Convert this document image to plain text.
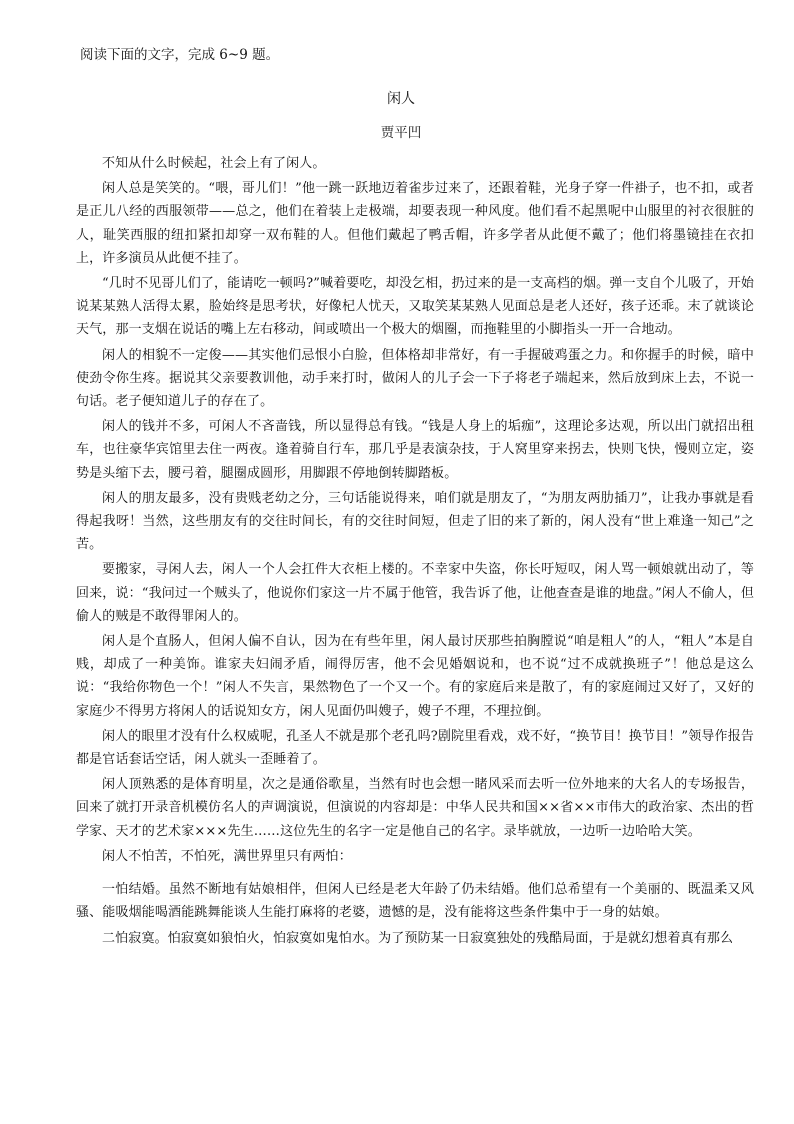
阅读下面的文字，完成 6~9 题。

闲人

贾平凹

不知从什么时候起，社会上有了闲人。

闲人总是笑笑的。“喂，哥儿们！”他一跳一跃地迈着雀步过来了，还跟着鞋，光身子穿一件褂子，也不扣，或者是正儿八经的西服领带——总之，他们在着装上走极端，却要表现一种风度。他们看不起黑呢中山服里的衬衣很脏的人，耻笑西服的纽扣紧扣却穿一双布鞋的人。但他们戴起了鸭舌帽，许多学者从此便不戴了；他们将墨镜挂在衣扣上，许多演员从此便不挂了。

“几时不见哥儿们了，能请吃一顿吗?”喊着要吃，却没乞相，扔过来的是一支高档的烟。弹一支自个儿吸了，开始说某某熟人活得太累，脸始终是思考状，好像杞人忧天，又取笑某某熟人见面总是老人还好，孩子还乖。末了就谈论天气，那一支烟在说话的嘴上左右移动，间或喷出一个极大的烟圈，而拖鞋里的小脚指头一开一合地动。

闲人的相貌不一定俊——其实他们忌恨小白脸，但体格却非常好，有一手握破鸡蛋之力。和你握手的时候，暗中使劲令你生疼。据说其父亲要教训他，动手来打时，做闲人的儿子会一下子将老子端起来，然后放到床上去，不说一句话。老子便知道儿子的存在了。

闲人的钱并不多，可闲人不吝啬钱，所以显得总有钱。“钱是人身上的垢痂”，这理论多达观，所以出门就招出租车，也往豪华宾馆里去住一两夜。逢着骑自行车，那几乎是表演杂技，于人窝里穿来拐去，快则飞快，慢则立定，姿势是头缩下去，腰弓着，腿圈成圆形，用脚跟不停地倒转脚踏板。

闲人的朋友最多，没有贵贱老幼之分，三句话能说得来，咱们就是朋友了，“为朋友两肋插刀”，让我办事就是看得起我呀！当然，这些朋友有的交往时间长，有的交往时间短，但走了旧的来了新的，闲人没有“世上难逢一知己”之苦。

要搬家，寻闲人去，闲人一个人会扛件大衣柜上楼的。不幸家中失盗，你长吁短叹，闲人骂一顿娘就出动了，等回来，说：“我问过一个贼头了，他说你们家这一片不属于他管，我告诉了他，让他查查是谁的地盘。”闲人不偷人，但偷人的贼是不敢得罪闲人的。

闲人是个直肠人，但闲人偏不自认，因为在有些年里，闲人最讨厌那些拍胸膛说“咱是粗人”的人，“粗人”本是自贱，却成了一种美饰。谁家夫妇闹矛盾，闹得厉害，他不会见婚姻说和，也不说“过不成就换班子”！他总是这么说：“我给你物色一个！”闲人不失言，果然物色了一个又一个。有的家庭后来是散了，有的家庭闹过又好了，又好的家庭少不得男方将闲人的话说知女方，闲人见面仍叫嫂子，嫂子不理，不理拉倒。

闲人的眼里才没有什么权威呢，孔圣人不就是那个老孔吗?剧院里看戏，戏不好，“换节目！换节目！”领导作报告都是官话套话空话，闲人就头一歪睡着了。

闲人顶熟悉的是体育明星，次之是通俗歌星，当然有时也会想一睹风采而去听一位外地来的大名人的专场报告，回来了就打开录音机模仿名人的声调演说，但演说的内容却是：中华人民共和国××省××市伟大的政治家、杰出的哲学家、天才的艺术家×××先生……这位先生的名字一定是他自己的名字。录毕就放，一边听一边哈哈大笑。

闲人不怕苦，不怕死，满世界里只有两怕：

一怕结婚。虽然不断地有姑娘相伴，但闲人已经是老大年龄了仍未结婚。他们总希望有一个美丽的、既温柔又风骚、能吸烟能喝酒能跳舞能谈人生能打麻将的老婆，遗憾的是，没有能将这些条件集中于一身的姑娘。

二怕寂寞。怕寂寞如狼怕火，怕寂寞如鬼怕水。为了预防某一日寂寞独处的残酷局面，于是就幻想着真有那么
